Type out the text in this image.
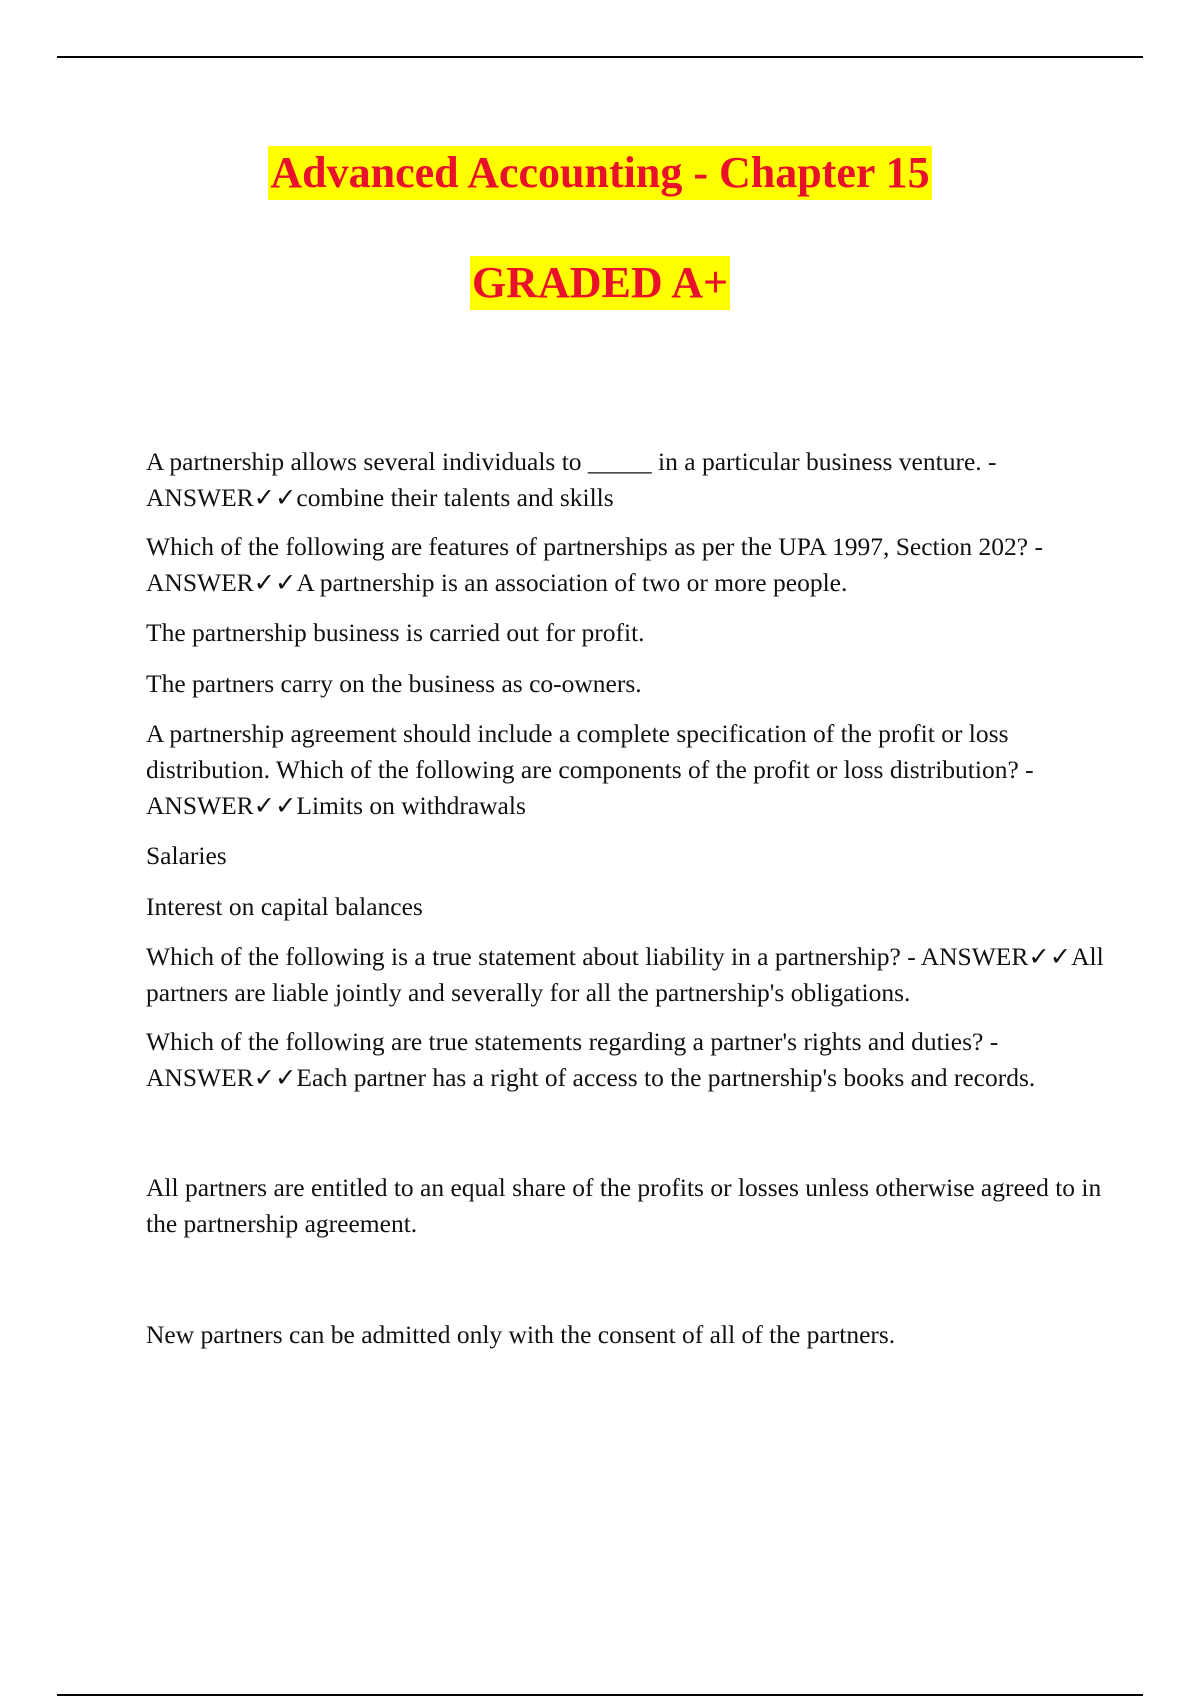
Advanced Accounting - Chapter 15
GRADED A+

A partnership allows several individuals to _____ in a particular business venture. - ANSWER✓✓combine their talents and skills

Which of the following are features of partnerships as per the UPA 1997, Section 202? - ANSWER✓✓A partnership is an association of two or more people.

The partnership business is carried out for profit.

The partners carry on the business as co-owners.

A partnership agreement should include a complete specification of the profit or loss distribution. Which of the following are components of the profit or loss distribution? - ANSWER✓✓Limits on withdrawals

Salaries

Interest on capital balances

Which of the following is a true statement about liability in a partnership? - ANSWER✓✓All partners are liable jointly and severally for all the partnership's obligations.

Which of the following are true statements regarding a partner's rights and duties? - ANSWER✓✓Each partner has a right of access to the partnership's books and records.

All partners are entitled to an equal share of the profits or losses unless otherwise agreed to in the partnership agreement.

New partners can be admitted only with the consent of all of the partners.
